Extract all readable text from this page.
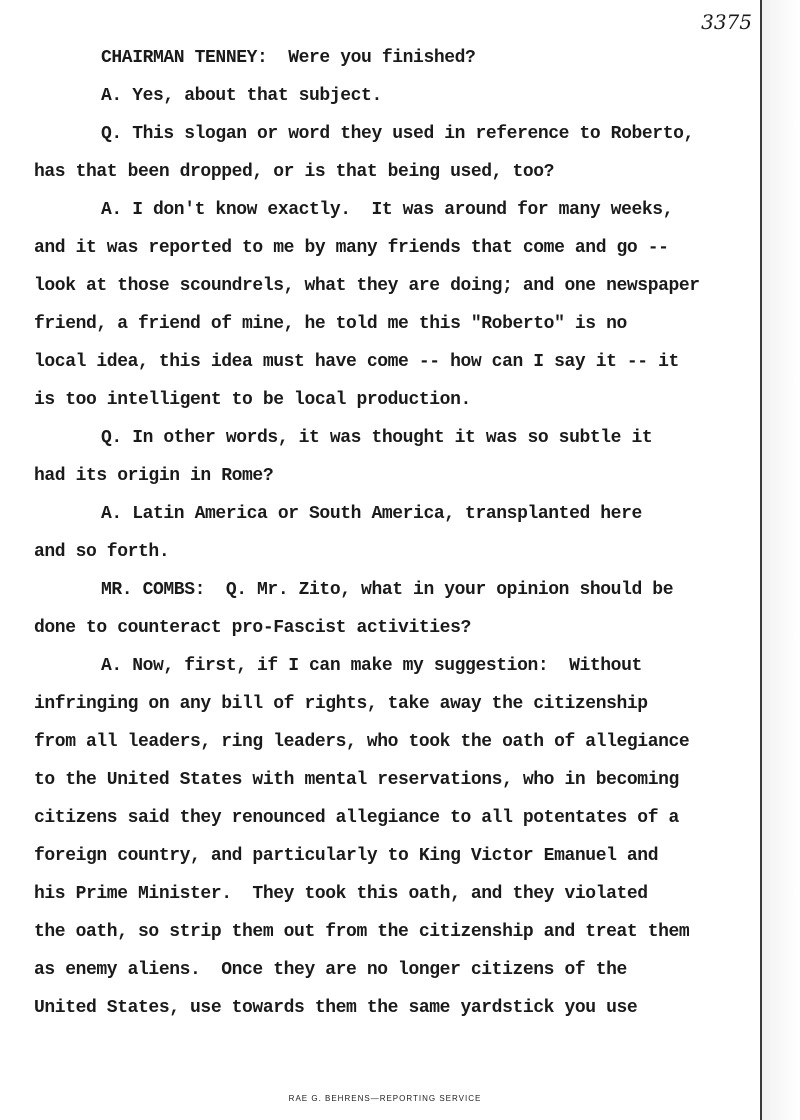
3375
CHAIRMAN TENNEY:  Were you finished?
A. Yes, about that subject.
Q. This slogan or word they used in reference to Roberto,
has that been dropped, or is that being used, too?
A. I don't know exactly.  It was around for many weeks,
and it was reported to me by many friends that come and go --
look at those scoundrels, what they are doing; and one newspaper
friend, a friend of mine, he told me this "Roberto" is no
local idea, this idea must have come -- how can I say it -- it
is too intelligent to be local production.
Q. In other words, it was thought it was so subtle it
had its origin in Rome?
A. Latin America or South America, transplanted here
and so forth.
MR. COMBS:  Q. Mr. Zito, what in your opinion should be
done to counteract pro-Fascist activities?
A. Now, first, if I can make my suggestion:  Without
infringing on any bill of rights, take away the citizenship
from all leaders, ring leaders, who took the oath of allegiance
to the United States with mental reservations, who in becoming
citizens said they renounced allegiance to all potentates of a
foreign country, and particularly to King Victor Emanuel and
his Prime Minister.  They took this oath, and they violated
the oath, so strip them out from the citizenship and treat them
as enemy aliens.  Once they are no longer citizens of the
United States, use towards them the same yardstick you use
RAE G. BEHRENS—REPORTING SERVICE
